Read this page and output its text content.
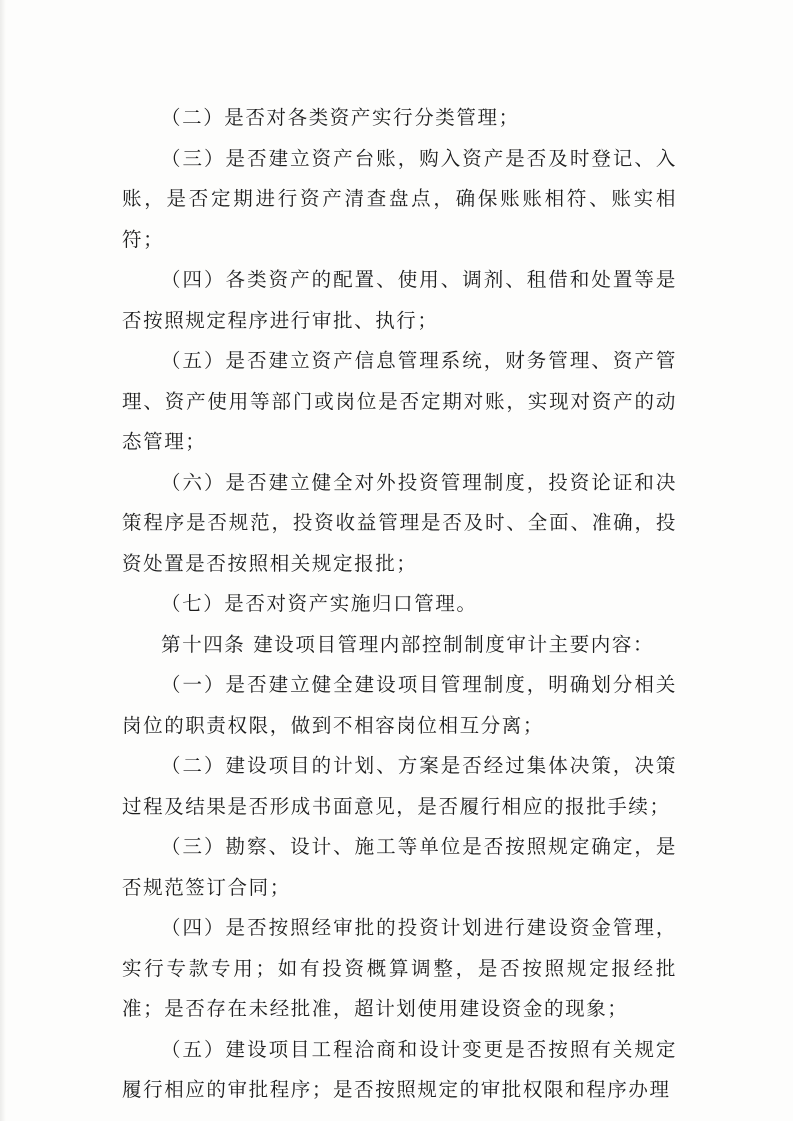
（二）是否对各类资产实行分类管理；

（三）是否建立资产台账，购入资产是否及时登记、入账，是否定期进行资产清查盘点，确保账账相符、账实相符；

（四）各类资产的配置、使用、调剂、租借和处置等是否按照规定程序进行审批、执行；

（五）是否建立资产信息管理系统，财务管理、资产管理、资产使用等部门或岗位是否定期对账，实现对资产的动态管理；

（六）是否建立健全对外投资管理制度，投资论证和决策程序是否规范，投资收益管理是否及时、全面、准确，投资处置是否按照相关规定报批；

（七）是否对资产实施归口管理。

第十四条 建设项目管理内部控制制度审计主要内容：

（一）是否建立健全建设项目管理制度，明确划分相关岗位的职责权限，做到不相容岗位相互分离；

（二）建设项目的计划、方案是否经过集体决策，决策过程及结果是否形成书面意见，是否履行相应的报批手续；

（三）勘察、设计、施工等单位是否按照规定确定，是否规范签订合同；

（四）是否按照经审批的投资计划进行建设资金管理，实行专款专用；如有投资概算调整，是否按照规定报经批准；是否存在未经批准，超计划使用建设资金的现象；

（五）建设项目工程洽商和设计变更是否按照有关规定履行相应的审批程序；是否按照规定的审批权限和程序办理
